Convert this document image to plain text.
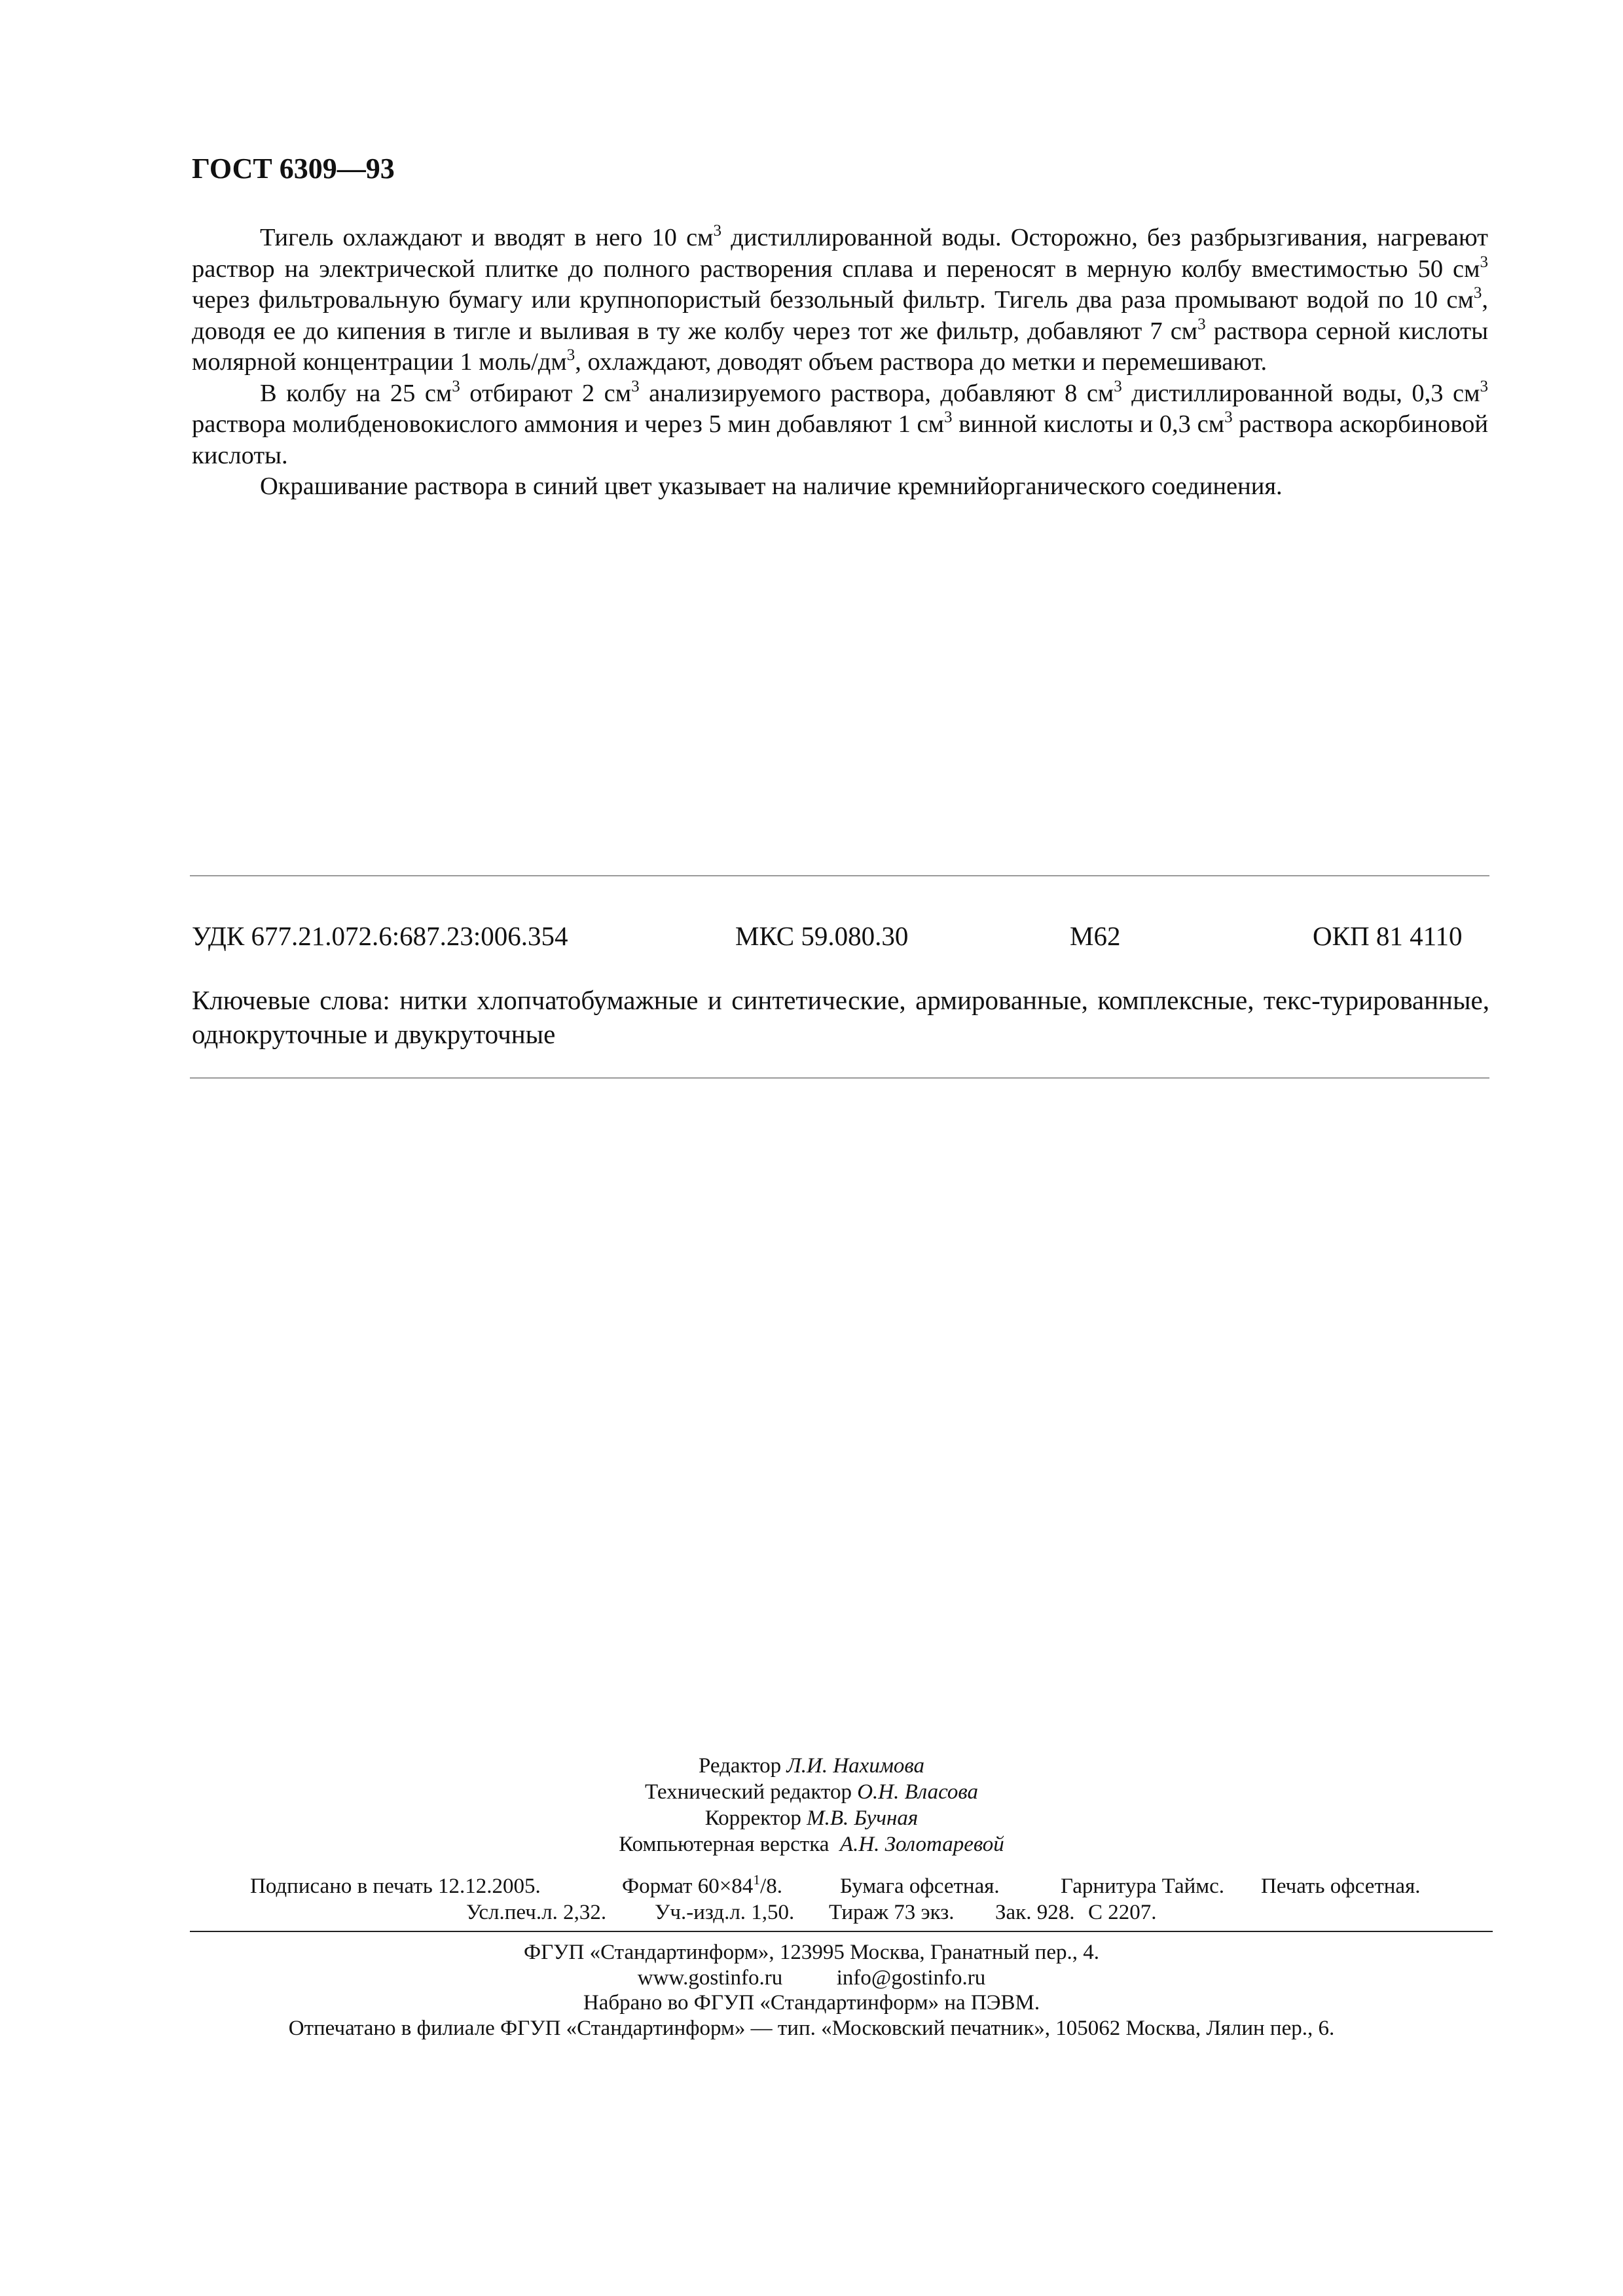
ГОСТ 6309—93

Тигель охлаждают и вводят в него 10 $см^3$ дистиллированной воды. Осторожно, без разбрызгивания, нагревают раствор на электрической плитке до полного растворения сплава и переносят в мерную колбу вместимостью 50 $см^3$ через фильтровальную бумагу или крупнопористый беззольный фильтр. Тигель два раза промывают водой по 10 $см^3$, доводя ее до кипения в тигле и выливая в ту же колбу через тот же фильтр, добавляют 7 $см^3$ раствора серной кислоты молярной концентрации 1 моль/$дм^3$, охлаждают, доводят объем раствора до метки и перемешивают.

В колбу на 25 $см^3$ отбирают 2 $см^3$ анализируемого раствора, добавляют 8 $см^3$ дистиллированной воды, 0,3 $см^3$ раствора молибденовокислого аммония и через 5 мин добавляют 1 $см^3$ винной кислоты и 0,3 $см^3$ раствора аскорбиновой кислоты.

Окрашивание раствора в синий цвет указывает на наличие кремнийорганического соединения.

УДК 677.21.072.6:687.23:006.354	МКС 59.080.30	М62	ОКП 81 4110
Ключевые слова: нитки хлопчатобумажные и синтетические, армированные, комплексные, текс-турированные, однокруточные и двукруточные
Редактор Л.И. Нахимова
Технический редактор О.Н. Власова
Корректор М.В. Бучная
Компьютерная верстка А.Н. Золотаревой
Подписано в печать 12.12.2005.	Формат $60\times 84^1/8$.	Бумага офсетная.	Гарнитура Таймс. Печать офсетная.
Усл.печ.л. 2,32. Уч.-изд.л. 1,50. Тираж 73 экз. Зак. 928. С 2207.
ФГУП «Стандартинформ», 123995 Москва, Гранатный пер., 4.
www.gostinfo.ru	info@gostinfo.ru
Набрано во ФГУП «Стандартинформ» на ПЭВМ.
Отпечатано в филиале ФГУП «Стандартинформ» — тип. «Московский печатник», 105062 Москва, Лялин пер., 6.
